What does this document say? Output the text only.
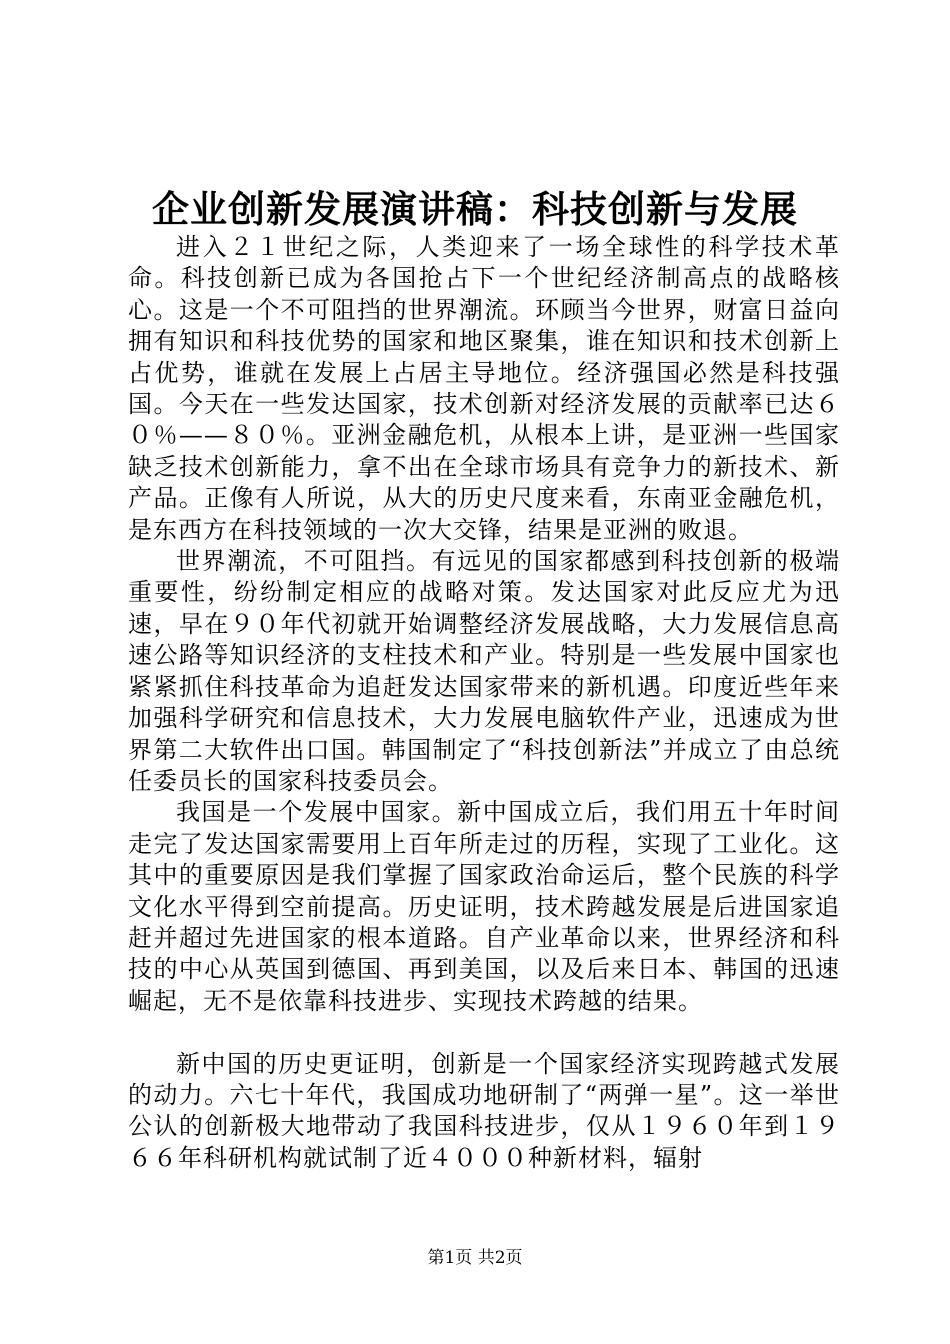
企业创新发展演讲稿：科技创新与发展

进入２１世纪之际，人类迎来了一场全球性的科学技术革命。科技创新已成为各国抢占下一个世纪经济制高点的战略核心。这是一个不可阻挡的世界潮流。环顾当今世界，财富日益向拥有知识和科技优势的国家和地区聚集，谁在知识和技术创新上占优势，谁就在发展上占居主导地位。经济强国必然是科技强国。今天在一些发达国家，技术创新对经济发展的贡献率已达６０％——８０％。亚洲金融危机，从根本上讲，是亚洲一些国家缺乏技术创新能力，拿不出在全球市场具有竞争力的新技术、新产品。正像有人所说，从大的历史尺度来看，东南亚金融危机，是东西方在科技领域的一次大交锋，结果是亚洲的败退。

世界潮流，不可阻挡。有远见的国家都感到科技创新的极端重要性，纷纷制定相应的战略对策。发达国家对此反应尤为迅速，早在９０年代初就开始调整经济发展战略，大力发展信息高速公路等知识经济的支柱技术和产业。特别是一些发展中国家也紧紧抓住科技革命为追赶发达国家带来的新机遇。印度近些年来加强科学研究和信息技术，大力发展电脑软件产业，迅速成为世界第二大软件出口国。韩国制定了“科技创新法”并成立了由总统任委员长的国家科技委员会。

我国是一个发展中国家。新中国成立后，我们用五十年时间走完了发达国家需要用上百年所走过的历程，实现了工业化。这其中的重要原因是我们掌握了国家政治命运后，整个民族的科学文化水平得到空前提高。历史证明，技术跨越发展是后进国家追赶并超过先进国家的根本道路。自产业革命以来，世界经济和科技的中心从英国到德国、再到美国，以及后来日本、韩国的迅速崛起，无不是依靠科技进步、实现技术跨越的结果。

新中国的历史更证明，创新是一个国家经济实现跨越式发展的动力。六七十年代，我国成功地研制了“两弹一星”。这一举世公认的创新极大地带动了我国科技进步，仅从１９６０年到１９６６年科研机构就试制了近４０００种新材料，辐射

第1页 共2页
